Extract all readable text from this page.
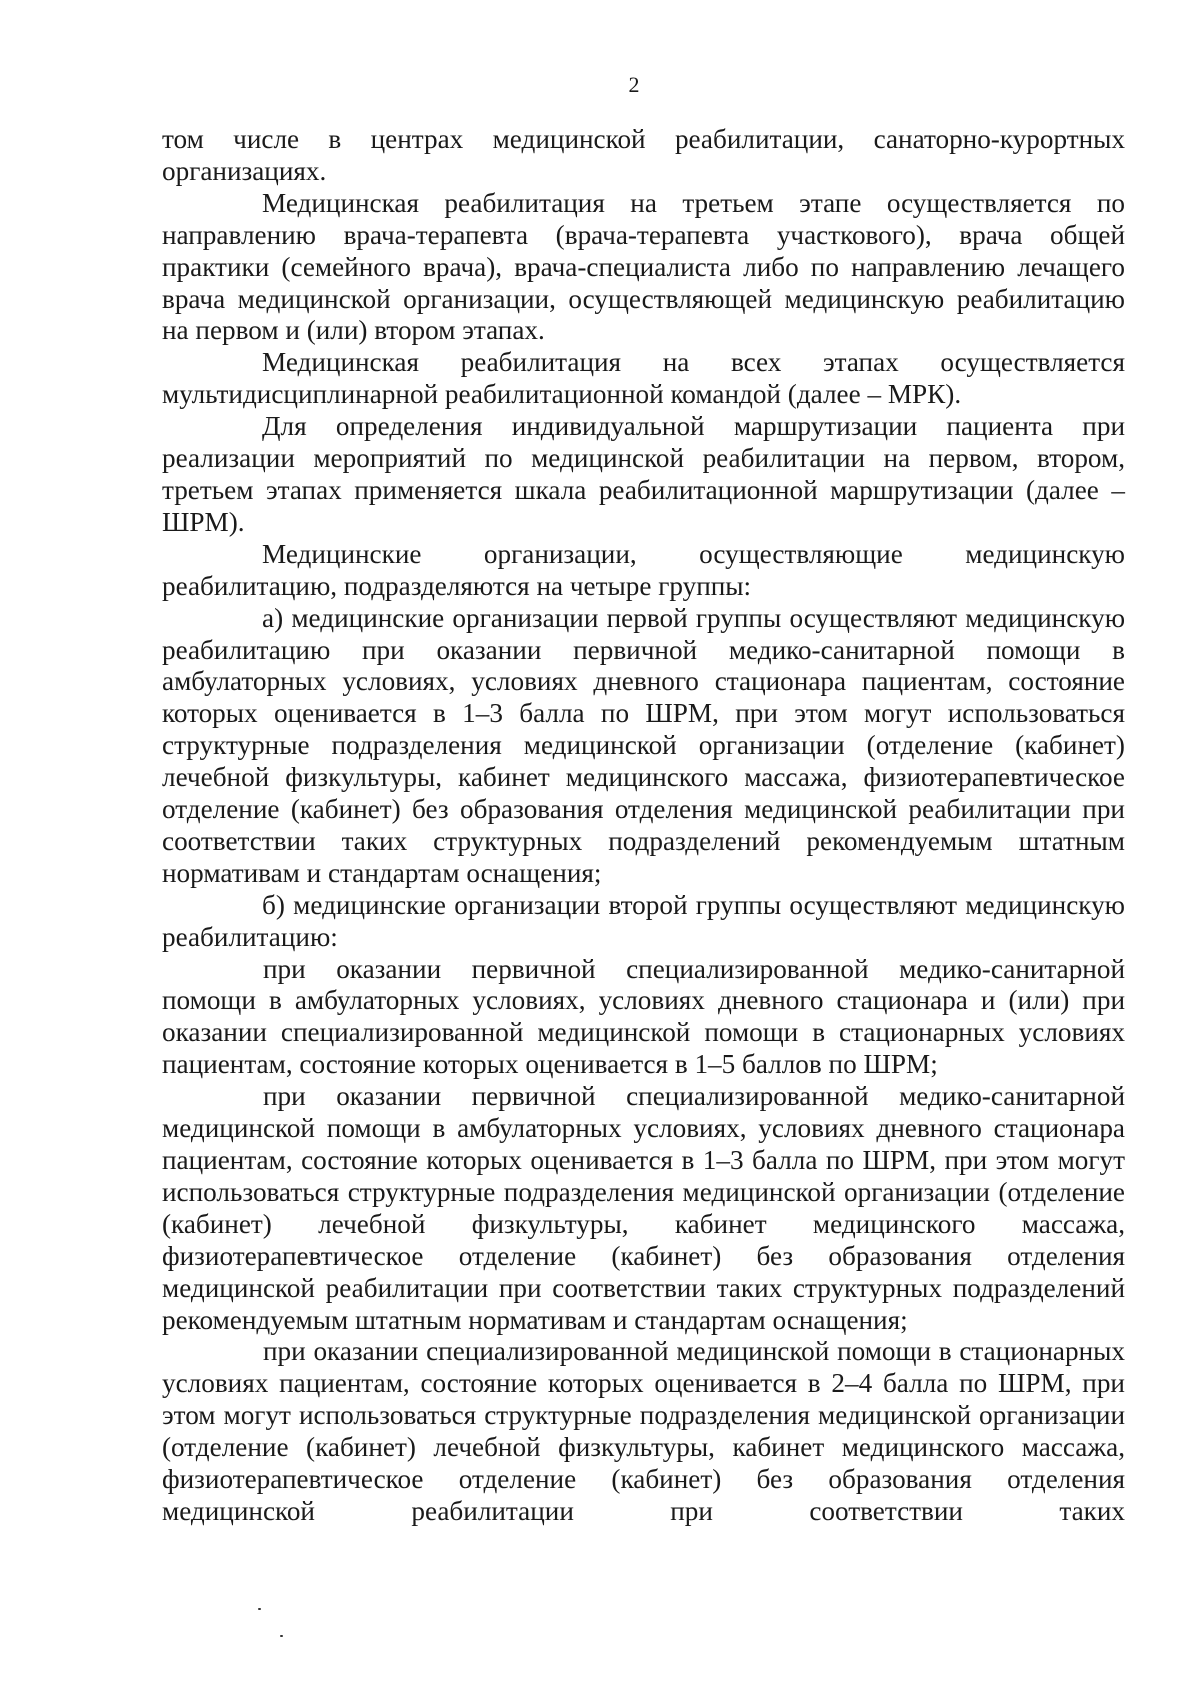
2

том числе в центрах медицинской реабилитации, санаторно-курортных организациях.

Медицинская реабилитация на третьем этапе осуществляется по направлению врача-терапевта (врача-терапевта участкового), врача общей практики (семейного врача), врача-специалиста либо по направлению лечащего врача медицинской организации, осуществляющей медицинскую реабилитацию на первом и (или) втором этапах.

Медицинская реабилитация на всех этапах осуществляется мультидисциплинарной реабилитационной командой (далее – МРК).

Для определения индивидуальной маршрутизации пациента при реализации мероприятий по медицинской реабилитации на первом, втором, третьем этапах применяется шкала реабилитационной маршрутизации (далее – ШРМ).

Медицинские организации, осуществляющие медицинскую реабилитацию, подразделяются на четыре группы:

а) медицинские организации первой группы осуществляют медицинскую реабилитацию при оказании первичной медико-санитарной помощи в амбулаторных условиях, условиях дневного стационара пациентам, состояние которых оценивается в 1–3 балла по ШРМ, при этом могут использоваться структурные подразделения медицинской организации (отделение (кабинет) лечебной физкультуры, кабинет медицинского массажа, физиотерапевтическое отделение (кабинет) без образования отделения медицинской реабилитации при соответствии таких структурных подразделений рекомендуемым штатным нормативам и стандартам оснащения;

б) медицинские организации второй группы осуществляют медицинскую реабилитацию:

при оказании первичной специализированной медико-санитарной помощи в амбулаторных условиях, условиях дневного стационара и (или) при оказании специализированной медицинской помощи в стационарных условиях пациентам, состояние которых оценивается в 1–5 баллов по ШРМ;

при оказании первичной специализированной медико-санитарной медицинской помощи в амбулаторных условиях, условиях дневного стационара пациентам, состояние которых оценивается в 1–3 балла по ШРМ, при этом могут использоваться структурные подразделения медицинской организации (отделение (кабинет) лечебной физкультуры, кабинет медицинского массажа, физиотерапевтическое отделение (кабинет) без образования отделения медицинской реабилитации при соответствии таких структурных подразделений рекомендуемым штатным нормативам и стандартам оснащения;

при оказании специализированной медицинской помощи в стационарных условиях пациентам, состояние которых оценивается в 2–4 балла по ШРМ, при этом могут использоваться структурные подразделения медицинской организации (отделение (кабинет) лечебной физкультуры, кабинет медицинского массажа, физиотерапевтическое отделение (кабинет) без образования отделения медицинской реабилитации при соответствии таких
